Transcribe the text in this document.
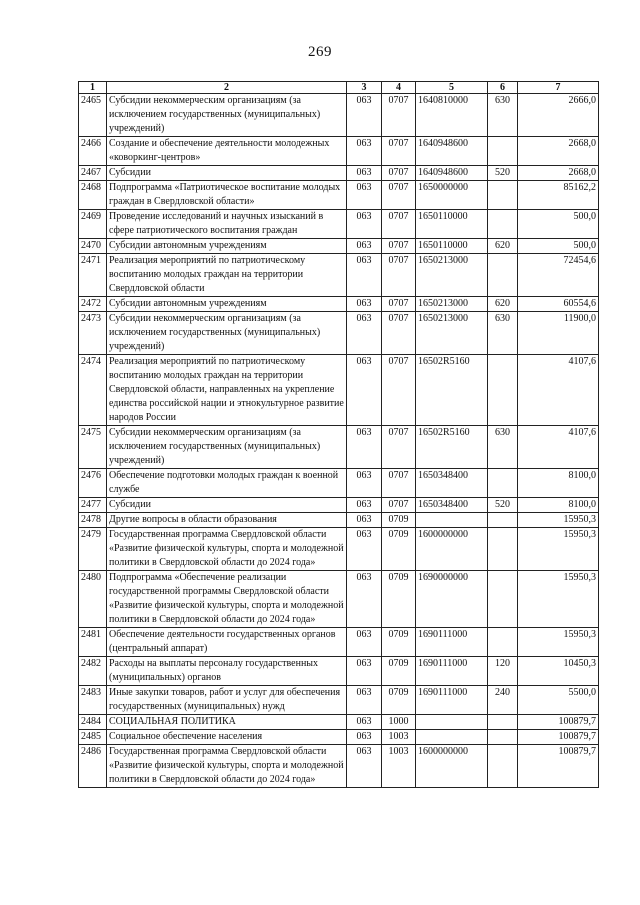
269
1	2	3	4	5	6	7
2465	Субсидии некоммерческим организациям (за исключением государственных (муниципальных) учреждений)	063	0707	1640810000	630	2666,0
2466	Создание и обеспечение деятельности молодежных «коворкинг-центров»	063	0707	1640948600		2668,0
2467	Субсидии	063	0707	1640948600	520	2668,0
2468	Подпрограмма «Патриотическое воспитание молодых граждан в Свердловской области»	063	0707	1650000000		85162,2
2469	Проведение исследований и научных изысканий в сфере патриотического воспитания граждан	063	0707	1650110000		500,0
2470	Субсидии автономным учреждениям	063	0707	1650110000	620	500,0
2471	Реализация мероприятий по патриотическому воспитанию молодых граждан на территории Свердловской области	063	0707	1650213000		72454,6
2472	Субсидии автономным учреждениям	063	0707	1650213000	620	60554,6
2473	Субсидии некоммерческим организациям (за исключением государственных (муниципальных) учреждений)	063	0707	1650213000	630	11900,0
2474	Реализация мероприятий по патриотическому воспитанию молодых граждан на территории Свердловской области, направленных на укрепление единства российской нации и этнокультурное развитие народов России	063	0707	16502R5160		4107,6
2475	Субсидии некоммерческим организациям (за исключением государственных (муниципальных) учреждений)	063	0707	16502R5160	630	4107,6
2476	Обеспечение подготовки молодых граждан к военной службе	063	0707	1650348400		8100,0
2477	Субсидии	063	0707	1650348400	520	8100,0
2478	Другие вопросы в области образования	063	0709			15950,3
2479	Государственная программа Свердловской области «Развитие физической культуры, спорта и молодежной политики в Свердловской области до 2024 года»	063	0709	1600000000		15950,3
2480	Подпрограмма «Обеспечение реализации государственной программы Свердловской области «Развитие физической культуры, спорта и молодежной политики в Свердловской области до 2024 года»	063	0709	1690000000		15950,3
2481	Обеспечение деятельности государственных органов (центральный аппарат)	063	0709	1690111000		15950,3
2482	Расходы на выплаты персоналу государственных (муниципальных) органов	063	0709	1690111000	120	10450,3
2483	Иные закупки товаров, работ и услуг для обеспечения государственных (муниципальных) нужд	063	0709	1690111000	240	5500,0
2484	СОЦИАЛЬНАЯ ПОЛИТИКА	063	1000			100879,7
2485	Социальное обеспечение населения	063	1003			100879,7
2486	Государственная программа Свердловской области «Развитие физической культуры, спорта и молодежной политики в Свердловской области до 2024 года»	063	1003	1600000000		100879,7
